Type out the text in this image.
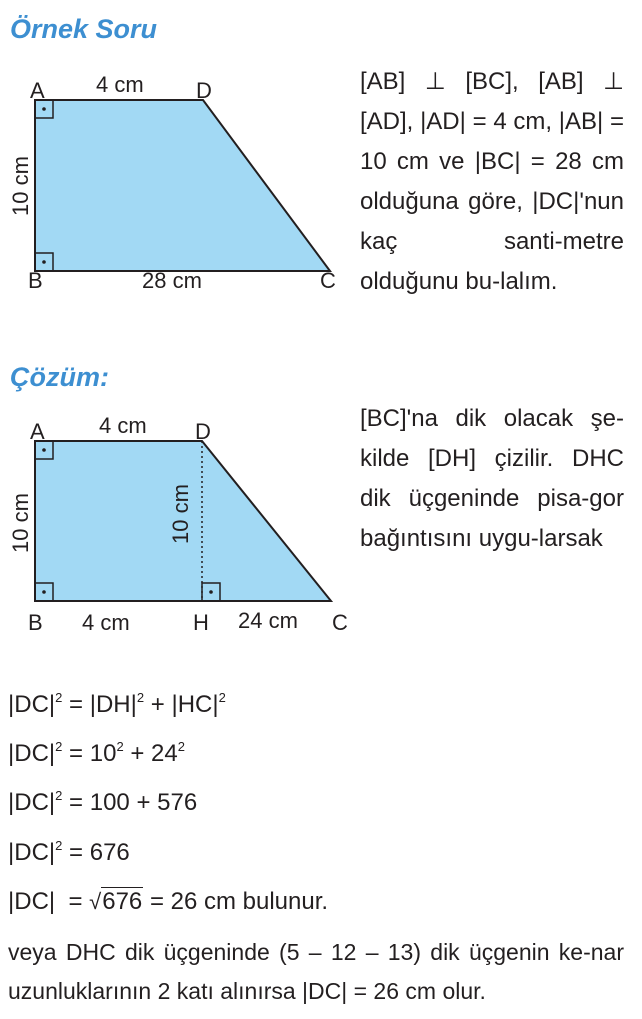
Örnek Soru
A	D
B	C
4 cm
28 cm
10 cm

[AB] ⊥ [BC], [AB] ⊥ [AD], |AD| = 4 cm, |AB| = 10 cm ve |BC| = 28 cm olduğuna göre, |DC|'nun kaç santi-metre olduğunu bu-lalım.

Çözüm:
A	D
B	H	C
4 cm
4 cm	24 cm
10 cm	10 cm

[BC]'na dik olacak şe-kilde [DH] çizilir. DHC dik üçgeninde pisa-gor bağıntısını uygu-larsak

$|DC|^2 = |DH|^2 + |HC|^2$
$|DC|^2 = 10^2 + 24^2$
$|DC|^2 = 100 + 576$
$|DC|^2 = 676$
|DC|  = √676 = 26 cm bulunur.

veya DHC dik üçgeninde (5 – 12 – 13) dik üçgenin ke-nar uzunluklarının 2 katı alınırsa |DC| = 26 cm olur.
